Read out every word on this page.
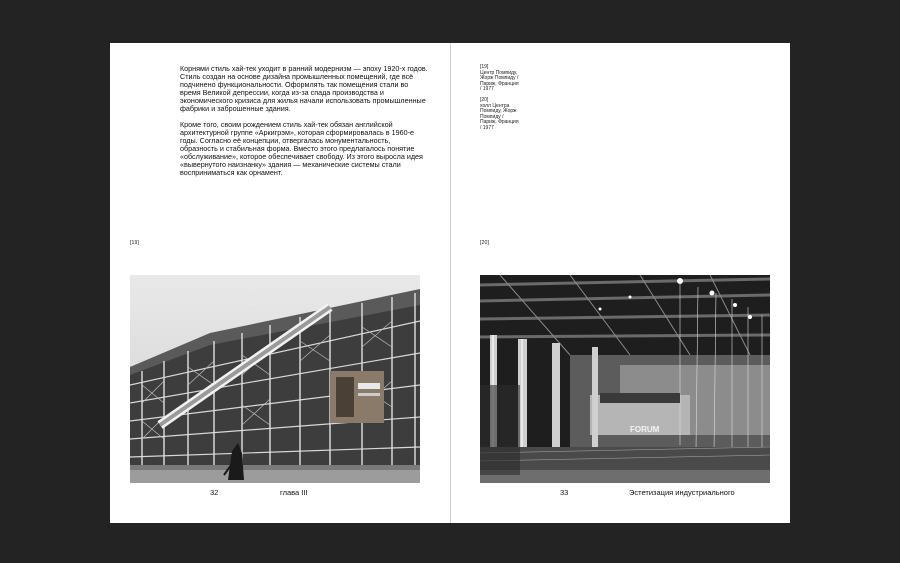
Корнями стиль хай-тек уходит в ранний модернизм — эпоху 1920-х годов. Стиль создан на основе дизайна промышленных помещений, где всё подчинено функциональности. Оформлять так помещения стали во время Великой депрессии, когда из-за спада производства и экономического кризиса для жилья начали использовать промышленные фабрики и заброшенные здания.

Кроме того, своим рождением стиль хай-тек обязан английской архитектурной группе «Аркигрэм», которая сформировалась в 1960-е годы. Согласно её концепции, отвергалась монументальность, образность и стабильная форма. Вместо этого предлагалось понятие «обслуживание», которое обеспечивает свободу. Из этого выросла идея «вывернутого наизнанку» здания — механические системы стали восприниматься как орнамент.

[19]
32	глава III
[19]
Центр Помпиду,
Жорж Помпиду /
Париж, Франция
/ 1977
[20]
холл Центра
Помпиду, Жорж
Помпиду /
Париж, Франция
/ 1977
[20]
FORUM
33	Эстетизация индустриального
